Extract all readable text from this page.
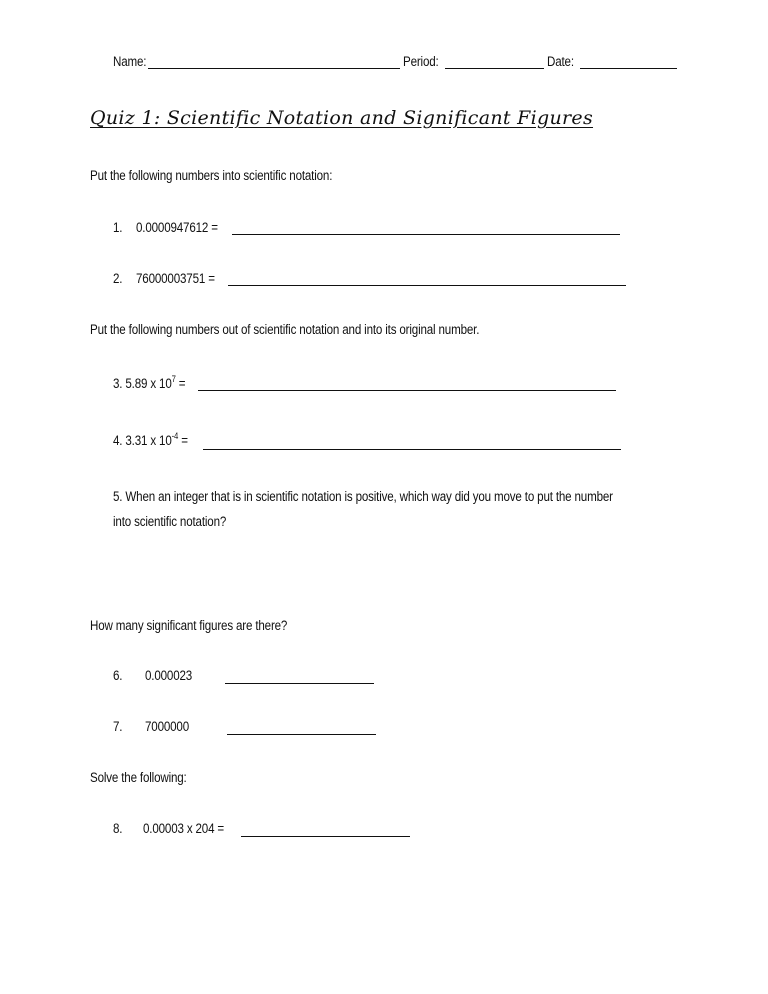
Name:	Period:	Date:
Quiz 1: Scientific Notation and Significant Figures
Put the following numbers into scientific notation:
1. 0.0000947612 =
2. 76000003751 =
Put the following numbers out of scientific notation and into its original number.
3. 5.89 x $10^7$ =
4. 3.31 x $10^{-4}$ =
5. When an integer that is in scientific notation is positive, which way did you move to put the number
into scientific notation?
How many significant figures are there?
6. 0.000023
7. 7000000
Solve the following:
8. 0.00003 x 204 =
